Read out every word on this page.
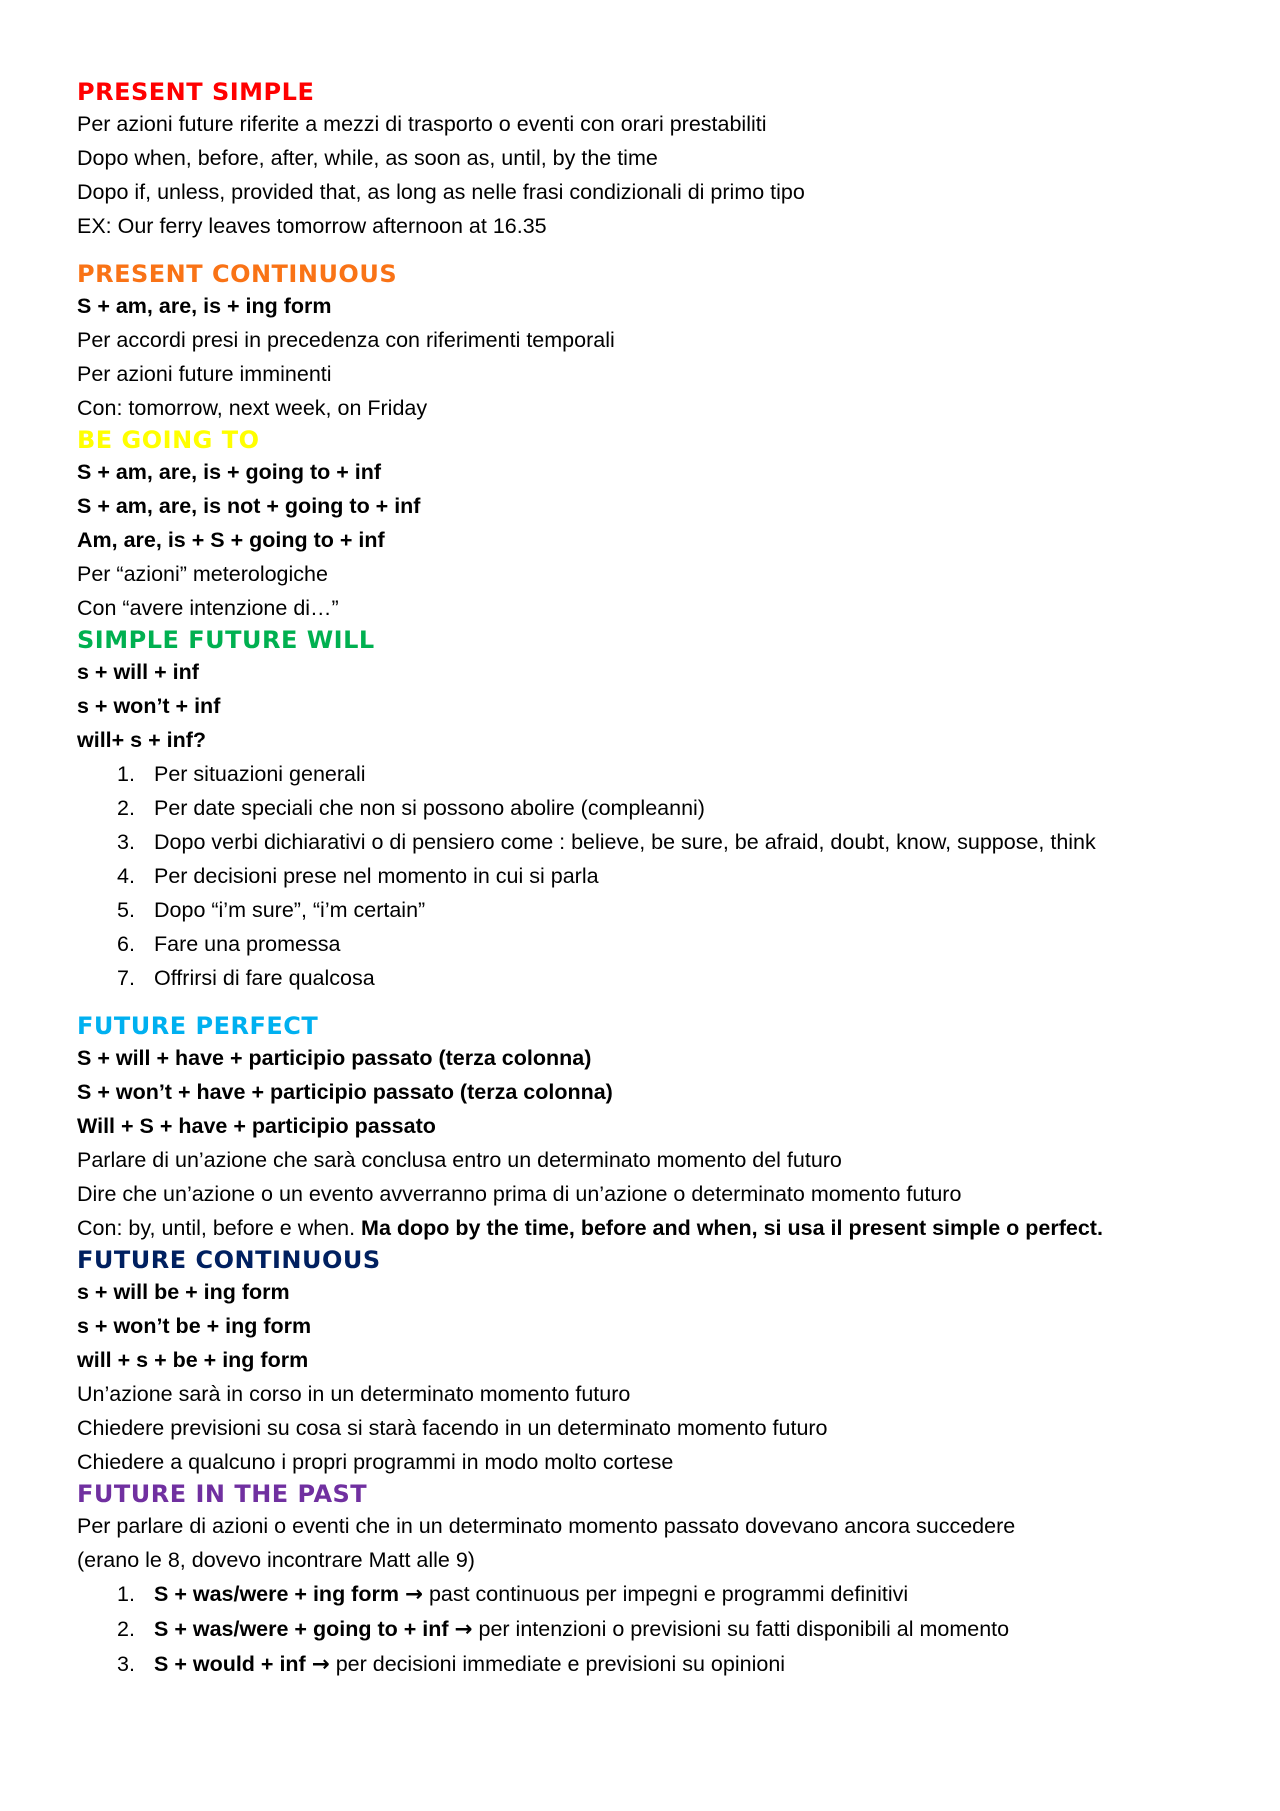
PRESENT SIMPLE
Per azioni future riferite a mezzi di trasporto o eventi con orari prestabiliti
Dopo when, before, after, while, as soon as, until, by the time
Dopo if, unless, provided that, as long as nelle frasi condizionali di primo tipo
EX: Our ferry leaves tomorrow afternoon at 16.35
PRESENT CONTINUOUS
S + am, are, is + ing form
Per accordi presi in precedenza con riferimenti temporali
Per azioni future imminenti
Con: tomorrow, next week, on Friday
BE GOING TO
S + am, are, is + going to + inf
S + am, are, is not + going to + inf
Am, are, is + S + going to + inf
Per “azioni” meterologiche
Con “avere intenzione di…”
SIMPLE FUTURE WILL
s + will + inf
s + won’t + inf
will+ s + inf?
1. Per situazioni generali
2. Per date speciali che non si possono abolire (compleanni)
3. Dopo verbi dichiarativi o di pensiero come : believe, be sure, be afraid, doubt, know, suppose, think
4. Per decisioni prese nel momento in cui si parla
5. Dopo “i’m sure”, “i’m certain”
6. Fare una promessa
7. Offrirsi di fare qualcosa
FUTURE PERFECT
S + will + have + participio passato (terza colonna)
S + won’t + have + participio passato (terza colonna)
Will + S + have + participio passato
Parlare di un’azione che sarà conclusa entro un determinato momento del futuro
Dire che un’azione o un evento avverranno prima di un’azione o determinato momento futuro
Con: by, until, before e when. Ma dopo by the time, before and when, si usa il present simple o perfect.
FUTURE CONTINUOUS
s + will be + ing form
s + won’t be + ing form
will + s + be + ing form
Un’azione sarà in corso in un determinato momento futuro
Chiedere previsioni su cosa si starà facendo in un determinato momento futuro
Chiedere a qualcuno i propri programmi in modo molto cortese
FUTURE IN THE PAST
Per parlare di azioni o eventi che in un determinato momento passato dovevano ancora succedere
(erano le 8, dovevo incontrare Matt alle 9)
1. S + was/were + ing form → past continuous per impegni e programmi definitivi
2. S + was/were + going to + inf → per intenzioni o previsioni su fatti disponibili al momento
3. S + would + inf → per decisioni immediate e previsioni su opinioni
